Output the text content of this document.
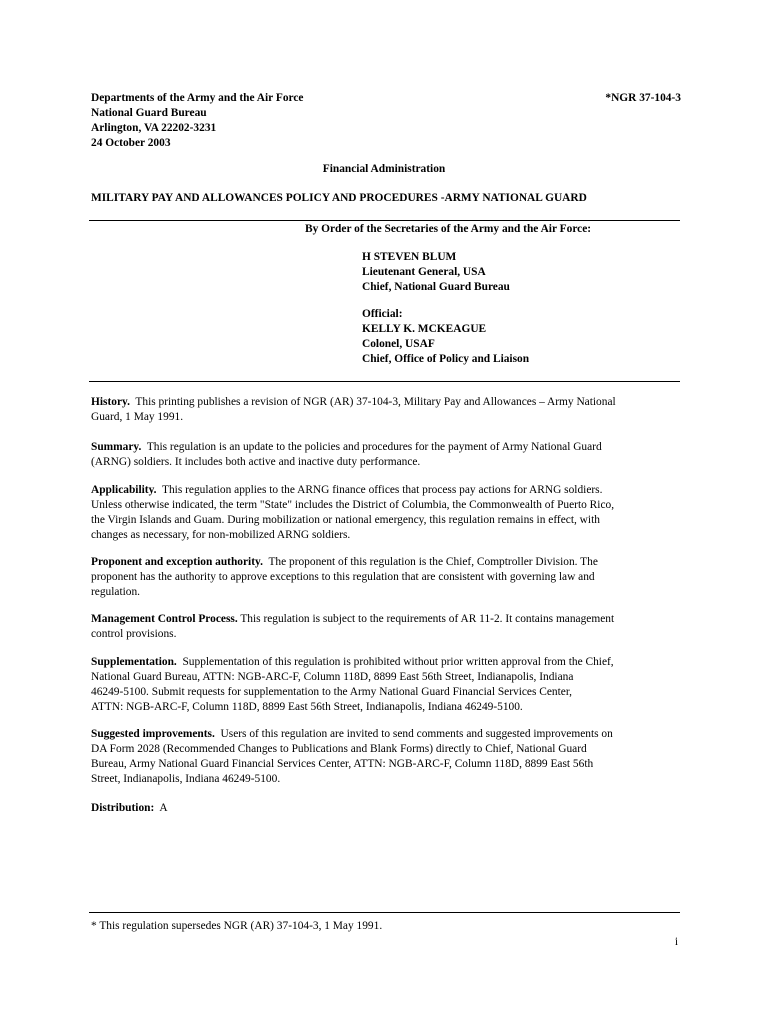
Departments of the Army and the Air Force
National Guard Bureau
Arlington, VA 22202-3231
24 October 2003
*NGR 37-104-3
Financial Administration
MILITARY PAY AND ALLOWANCES POLICY AND PROCEDURES -ARMY NATIONAL GUARD
By Order of the Secretaries of the Army and the Air Force:
H STEVEN BLUM
Lieutenant General, USA
Chief, National Guard Bureau
Official:
KELLY K. MCKEAGUE
Colonel, USAF
Chief, Office of Policy and Liaison

History. This printing publishes a revision of NGR (AR) 37-104-3, Military Pay and Allowances – Army National

Guard, 1 May 1991.

Summary. This regulation is an update to the policies and procedures for the payment of Army National Guard

(ARNG) soldiers. It includes both active and inactive duty performance.

Applicability. This regulation applies to the ARNG finance offices that process pay actions for ARNG soldiers.

Unless otherwise indicated, the term "State" includes the District of Columbia, the Commonwealth of Puerto Rico,

the Virgin Islands and Guam. During mobilization or national emergency, this regulation remains in effect, with

changes as necessary, for non-mobilized ARNG soldiers.

Proponent and exception authority. The proponent of this regulation is the Chief, Comptroller Division. The

proponent has the authority to approve exceptions to this regulation that are consistent with governing law and

regulation.

Management Control Process. This regulation is subject to the requirements of AR 11-2. It contains management

control provisions.

Supplementation. Supplementation of this regulation is prohibited without prior written approval from the Chief,

National Guard Bureau, ATTN: NGB-ARC-F, Column 118D, 8899 East 56th Street, Indianapolis, Indiana

46249-5100. Submit requests for supplementation to the Army National Guard Financial Services Center,

ATTN: NGB-ARC-F, Column 118D, 8899 East 56th Street, Indianapolis, Indiana 46249-5100.

Suggested improvements. Users of this regulation are invited to send comments and suggested improvements on

DA Form 2028 (Recommended Changes to Publications and Blank Forms) directly to Chief, National Guard

Bureau, Army National Guard Financial Services Center, ATTN: NGB-ARC-F, Column 118D, 8899 East 56th

Street, Indianapolis, Indiana 46249-5100.

Distribution: A

* This regulation supersedes NGR (AR) 37-104-3, 1 May 1991.
i
